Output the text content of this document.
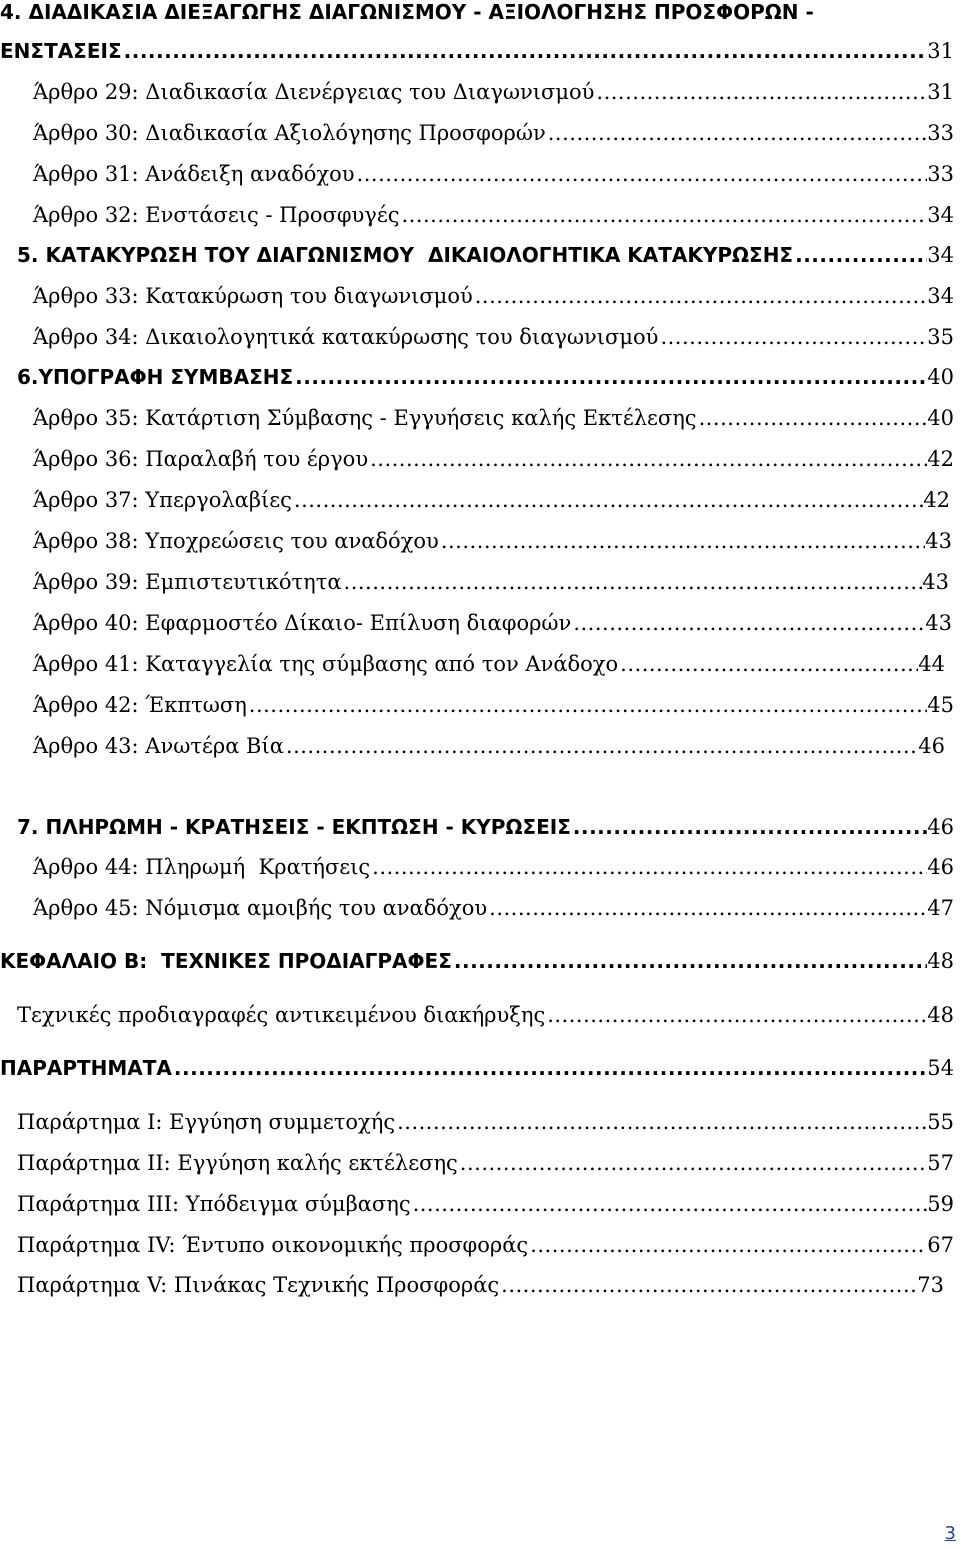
4. ΔΙΑΔΙΚΑΣΙΑ ΔΙΕΞΑΓΩΓΗΣ ΔΙΑΓΩΝΙΣΜΟΥ - ΑΞΙΟΛΟΓΗΣΗΣ ΠΡΟΣΦΟΡΩΝ -
ΕΝΣΤΑΣΕΙΣ .....	31
Άρθρο 29: Διαδικασία Διενέργειας του Διαγωνισμού .....	31
Άρθρο 30: Διαδικασία Αξιολόγησης Προσφορών .....	33
Άρθρο 31: Ανάδειξη αναδόχου .....	33
Άρθρο 32: Ενστάσεις - Προσφυγές .....	34
5. ΚΑΤΑΚΥΡΩΣΗ ΤΟΥ ΔΙΑΓΩΝΙΣΜΟΥ  ΔΙΚΑΙΟΛΟΓΗΤΙΚΑ ΚΑΤΑΚΥΡΩΣΗΣ .....	34
Άρθρο 33: Κατακύρωση του διαγωνισμού .....	34
Άρθρο 34: Δικαιολογητικά κατακύρωσης του διαγωνισμού .....	35
6.ΥΠΟΓΡΑΦΗ ΣΥΜΒΑΣΗΣ .....	40
Άρθρο 35: Κατάρτιση Σύμβασης - Εγγυήσεις καλής Εκτέλεσης .....	40
Άρθρο 36: Παραλαβή του έργου .....	42
Άρθρο 37: Υπεργολαβίες .....	42
Άρθρο 38: Υποχρεώσεις του αναδόχου .....	43
Άρθρο 39: Εμπιστευτικότητα .....	43
Άρθρο 40: Εφαρμοστέο Δίκαιο- Επίλυση διαφορών .....	43
Άρθρο 41: Καταγγελία της σύμβασης από τον Ανάδοχο .....	44
Άρθρο 42: Έκπτωση .....	45
Άρθρο 43: Ανωτέρα Βία .....	46
7. ΠΛΗΡΩΜΗ - ΚΡΑΤΗΣΕΙΣ - ΕΚΠΤΩΣΗ - ΚΥΡΩΣΕΙΣ .....	46
Άρθρο 44: Πληρωμή  Κρατήσεις .....	46
Άρθρο 45: Νόμισμα αμοιβής του αναδόχου .....	47
ΚΕΦΑΛΑΙΟ Β:  ΤΕΧΝΙΚΕΣ ΠΡΟΔΙΑΓΡΑΦΕΣ .....	48
Τεχνικές προδιαγραφές αντικειμένου διακήρυξης .....	48
ΠΑΡΑΡΤΗΜΑΤΑ .....	54
Παράρτημα Ι: Εγγύηση συμμετοχής .....	55
Παράρτημα ΙΙ: Εγγύηση καλής εκτέλεσης .....	57
Παράρτημα ΙΙΙ: Υπόδειγμα σύμβασης .....	59
Παράρτημα ΙV: Έντυπο οικονομικής προσφοράς .....	67
Παράρτημα V: Πινάκας Τεχνικής Προσφοράς .....	73
3
